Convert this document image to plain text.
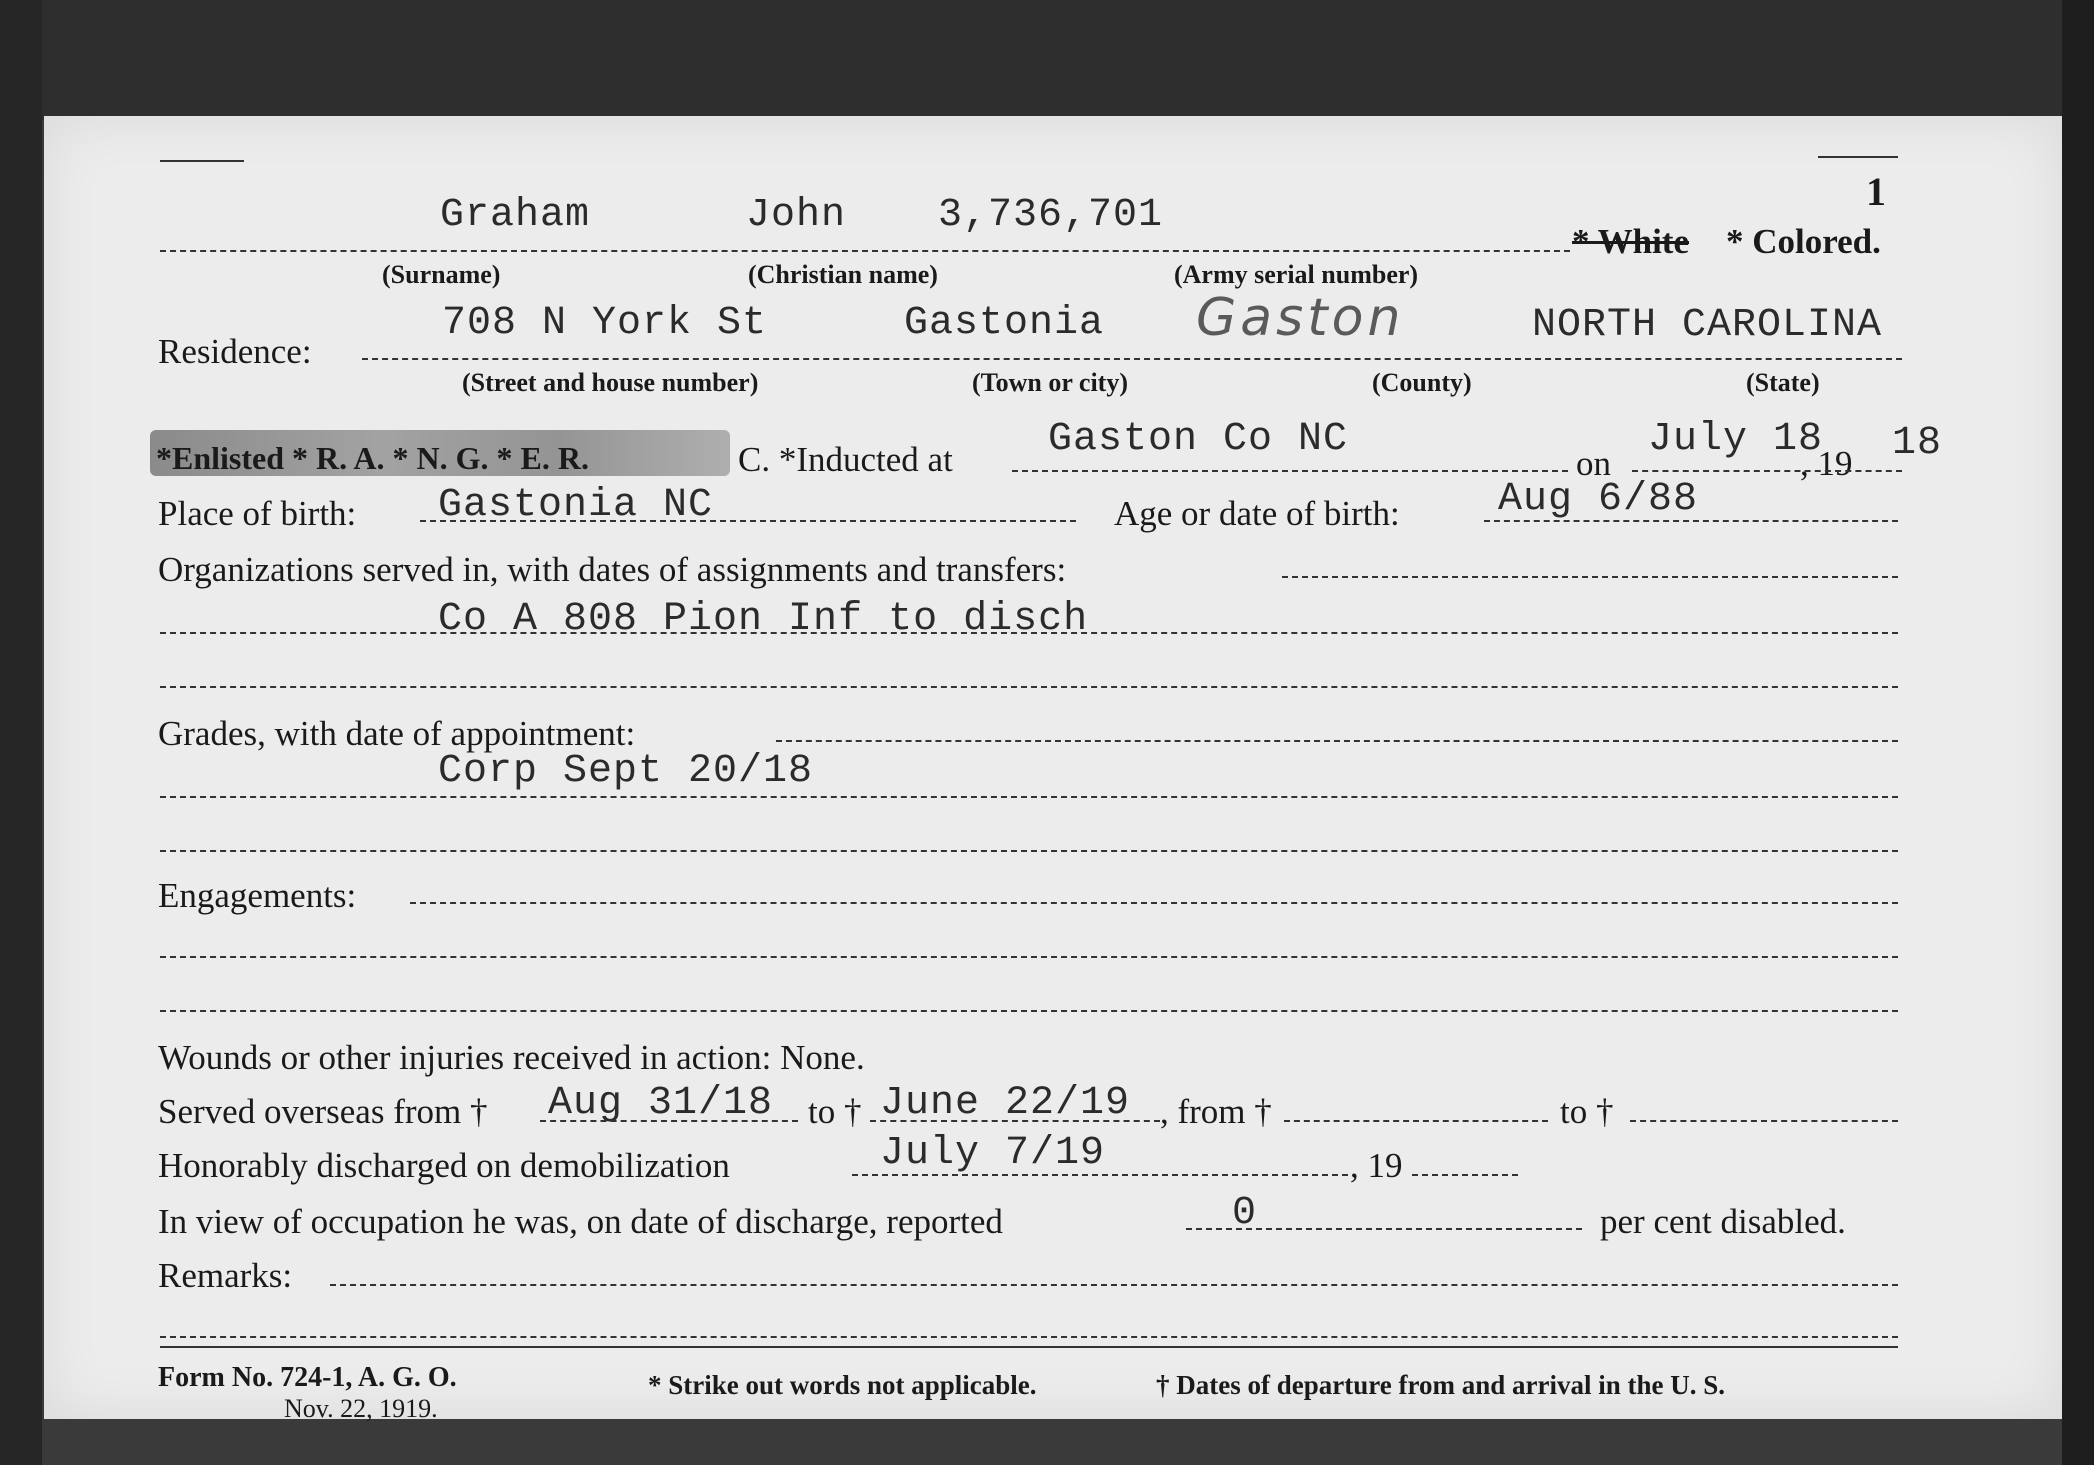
1
Graham	John 3,736,701
* White * Colored.
(Surname)	(Christian name)	(Army serial number)
Residence:
708 N York St	Gastonia Gaston	NORTH CAROLINA
(Street and house number)	(Town or city)	(County)	(State)
*Enlisted * R. A. * N. G. * E. R.	C. *Inducted at Gaston Co NC
on
July 18
, 19 18
Place of birth: Gastonia NC	Age or date of birth: Aug 6/88
Organizations served in, with dates of assignments and transfers:
Co A 808 Pion Inf to disch
Grades, with date of appointment:
Corp Sept 20/18
Engagements:
Wounds or other injuries received in action: None.
Served overseas from † Aug 31/18 to † June 22/19 , from †	to †
Honorably discharged on demobilization	July 7/19	, 19
In view of occupation he was, on date of discharge, reported	0	per cent disabled.
Remarks:
Form No. 724-1, A. G. O.
Nov. 22, 1919.
* Strike out words not applicable.	† Dates of departure from and arrival in the U. S.
